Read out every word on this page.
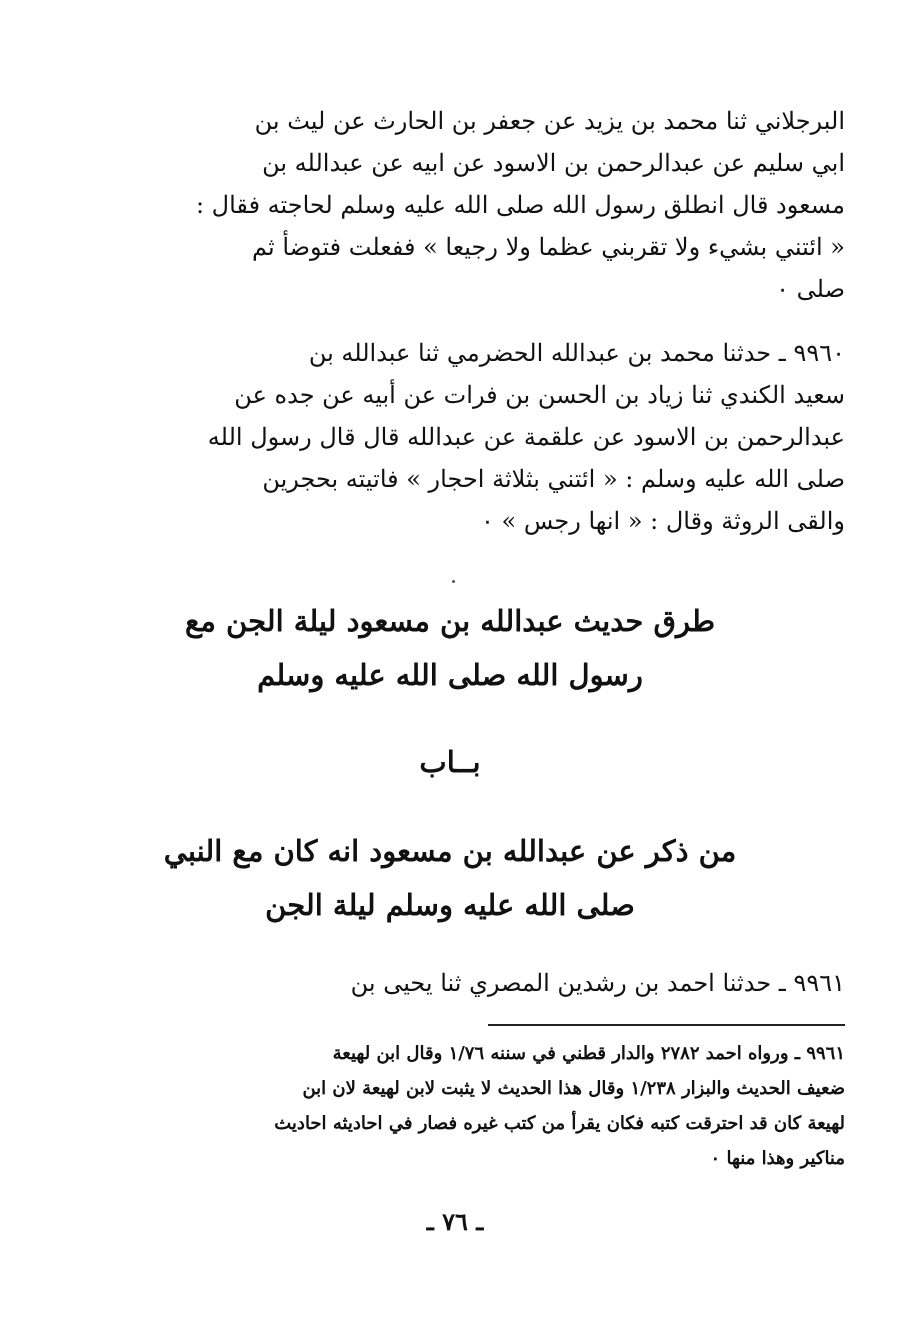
البرجلاني ثنا محمد بن يزيد عن جعفر بن الحارث عن ليث بن
ابي سليم عن عبدالرحمن بن الاسود عن ابيه عن عبدالله بن
مسعود قال انطلق رسول الله صلى الله عليه وسلم لحاجته فقال :
« ائتني بشيء ولا تقربني عظما ولا رجيعا » ففعلت فتوضأ ثم
صلى ٠
٩٩٦٠ ـ حدثنا محمد بن عبدالله الحضرمي ثنا عبدالله بن
سعيد الكندي ثنا زياد بن الحسن بن فرات عن أبيه عن جده عن
عبدالرحمن بن الاسود عن علقمة عن عبدالله قال قال رسول الله
صلى الله عليه وسلم : « ائتني بثلاثة احجار » فاتيته بحجرين
والقى الروثة وقال : « انها رجس » ٠
طرق حديث عبدالله بن مسعود ليلة الجن مع
رسول الله صلى الله عليه وسلم
بــاب
من ذكر عن عبدالله بن مسعود انه كان مع النبي
صلى الله عليه وسلم ليلة الجن
٩٩٦١ ـ حدثنا احمد بن رشدين المصري ثنا يحيى بن
٩٩٦١ ـ ورواه احمد ٢٧٨٢ والدار قطني في سننه ١/٧٦ وقال ابن لهيعة
ضعيف الحديث والبزار ١/٢٣٨ وقال هذا الحديث لا يثبت لابن لهيعة لان ابن
لهيعة كان قد احترقت كتبه فكان يقرأ من كتب غيره فصار في احاديثه احاديث
مناكير وهذا منها ٠
ـ ٧٦ ـ
